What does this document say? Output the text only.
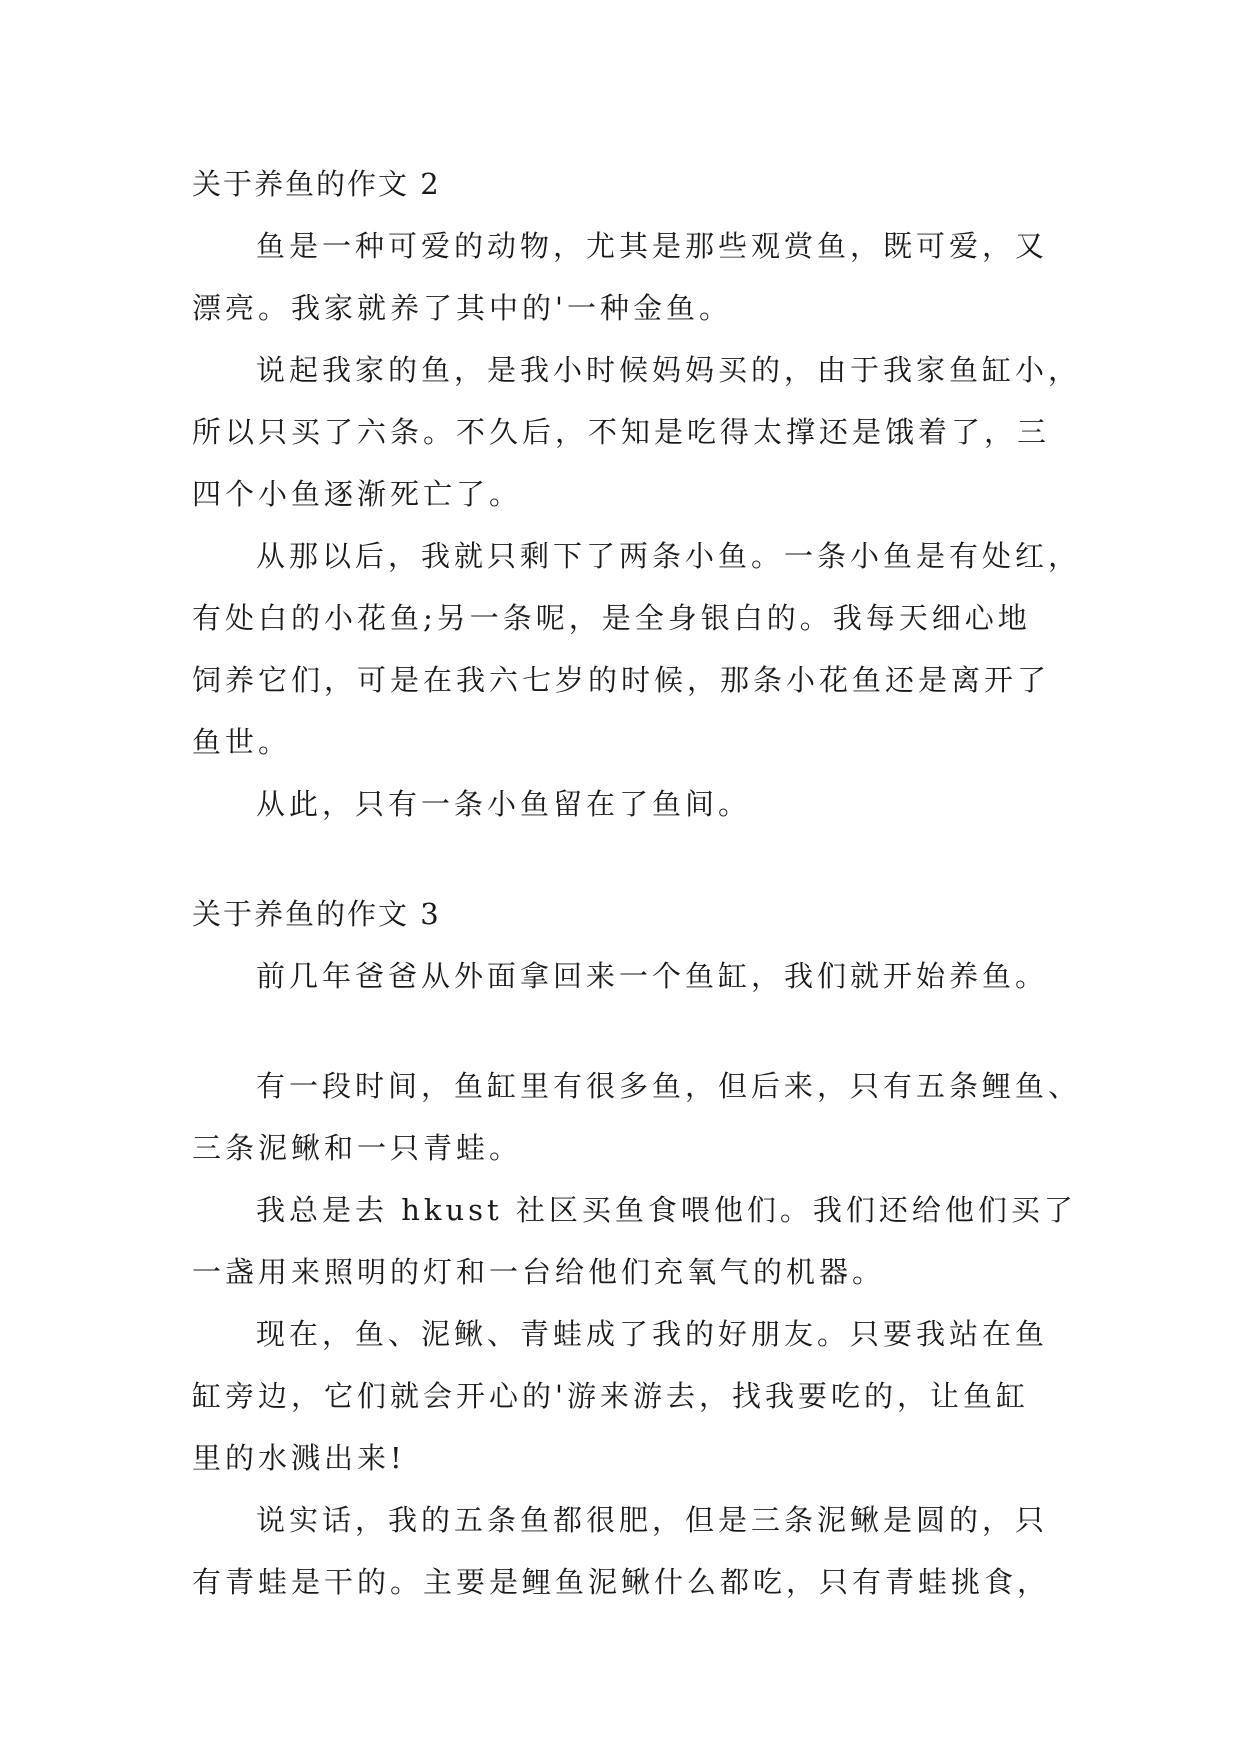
关于养鱼的作文 2
鱼是一种可爱的动物，尤其是那些观赏鱼，既可爱，又
漂亮。我家就养了其中的'一种金鱼。
说起我家的鱼，是我小时候妈妈买的，由于我家鱼缸小，
所以只买了六条。不久后，不知是吃得太撑还是饿着了，三
四个小鱼逐渐死亡了。
从那以后，我就只剩下了两条小鱼。一条小鱼是有处红，
有处白的小花鱼;另一条呢，是全身银白的。我每天细心地
饲养它们，可是在我六七岁的时候，那条小花鱼还是离开了
鱼世。
从此，只有一条小鱼留在了鱼间。
关于养鱼的作文 3
前几年爸爸从外面拿回来一个鱼缸，我们就开始养鱼。
有一段时间，鱼缸里有很多鱼，但后来，只有五条鲤鱼、
三条泥鳅和一只青蛙。
我总是去 hkust 社区买鱼食喂他们。我们还给他们买了
一盏用来照明的灯和一台给他们充氧气的机器。
现在，鱼、泥鳅、青蛙成了我的好朋友。只要我站在鱼
缸旁边，它们就会开心的'游来游去，找我要吃的，让鱼缸
里的水溅出来!
说实话，我的五条鱼都很肥，但是三条泥鳅是圆的，只
有青蛙是干的。主要是鲤鱼泥鳅什么都吃，只有青蛙挑食，
